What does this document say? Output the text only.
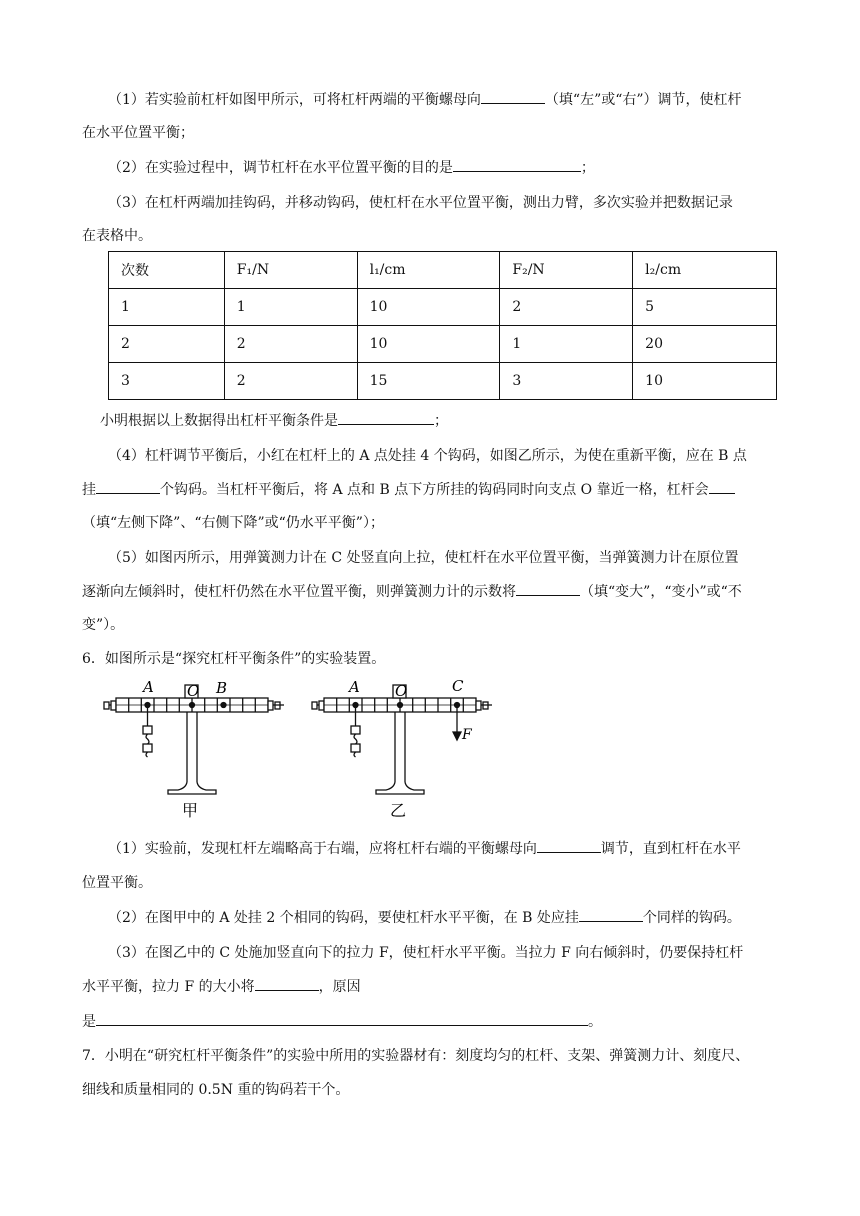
（1）若实验前杠杆如图甲所示，可将杠杆两端的平衡螺母向	（填“左”或“右”）调节，使杠杆
在水平位置平衡；
（2）在实验过程中，调节杠杆在水平位置平衡的目的是	；
（3）在杠杆两端加挂钩码，并移动钩码，使杠杆在水平位置平衡，测出力臂，多次实验并把数据记录
在表格中。
次数	F₁/N	l₁/cm	F₂/N	l₂/cm
1	1	10	2	5
2	2	10	1	20
3	2	15	3	10
小明根据以上数据得出杠杆平衡条件是	；
（4）杠杆调节平衡后，小红在杠杆上的 A 点处挂 4 个钩码，如图乙所示，为使在重新平衡，应在 B 点
挂	个钩码。当杠杆平衡后，将 A 点和 B 点下方所挂的钩码同时向支点 O 靠近一格，杠杆会
（填“左侧下降”、“右侧下降”或“仍水平平衡”）；
（5）如图丙所示，用弹簧测力计在 C 处竖直向上拉，使杠杆在水平位置平衡，当弹簧测力计在原位置
逐渐向左倾斜时，使杠杆仍然在水平位置平衡，则弹簧测力计的示数将	（填“变大”，“变小”或“不
变”）。
6．如图所示是“探究杠杆平衡条件”的实验装置。
A O B
甲
A O	C
F
乙
（1）实验前，发现杠杆左端略高于右端，应将杠杆右端的平衡螺母向	调节，直到杠杆在水平
位置平衡。
（2）在图甲中的 A 处挂 2 个相同的钩码，要使杠杆水平平衡，在 B 处应挂	个同样的钩码。
（3）在图乙中的 C 处施加竖直向下的拉力 F，使杠杆水平平衡。当拉力 F 向右倾斜时，仍要保持杠杆
水平平衡，拉力 F 的大小将	，原因
是	。
7．小明在“研究杠杆平衡条件”的实验中所用的实验器材有：刻度均匀的杠杆、支架、弹簧测力计、刻度尺、
细线和质量相同的 0.5N 重的钩码若干个。
